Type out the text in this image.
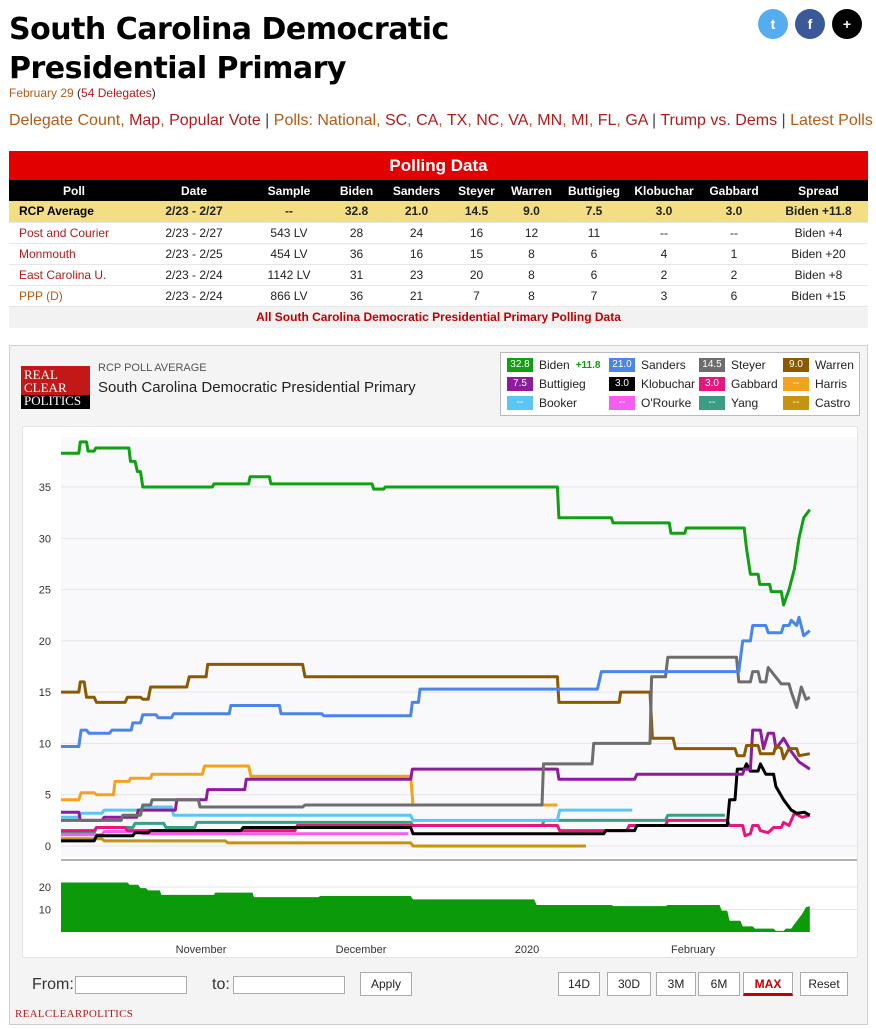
South Carolina Democratic Presidential Primary
February 29 (54 Delegates)
Delegate Count, Map, Popular Vote | Polls: National, SC, CA, TX, NC, VA, MN, MI, FL, GA | Trump vs. Dems | Latest Polls
Polling Data
Poll	Date	Sample	Biden	Sanders	Steyer	Warren	Buttigieg	Klobuchar	Gabbard	Spread
RCP Average	2/23 - 2/27	--	32.8	21.0	14.5	9.0	7.5	3.0	3.0	Biden +11.8
Post and Courier	2/23 - 2/27	543 LV	28	24	16	12	11	--	--	Biden +4
Monmouth	2/23 - 2/25	454 LV	36	16	15	8	6	4	1	Biden +20
East Carolina U.	2/23 - 2/24	1142 LV	31	23	20	8	6	2	2	Biden +8
PPP (D)	2/23 - 2/24	866 LV	36	21	7	8	7	3	6	Biden +15
All South Carolina Democratic Presidential Primary Polling Data
REAL
CLEAR
POLITICS
RCP POLL AVERAGE
South Carolina Democratic Presidential Primary
32.8 Biden +11.8	21.0 Sanders	14.5 Steyer	9.0	Warren
7.5	Buttigieg	3.0	Klobuchar	3.0	Gabbard	--	Harris
--	Booker	--	O'Rourke	--	Yang	--	Castro
0
5
10
15
20
25
30
35
10
20
November	December	2020	February
From:	to:	Apply	14D	30D	3M	6M	MAX	Reset
REALCLEARPOLITICS
t	f	+
